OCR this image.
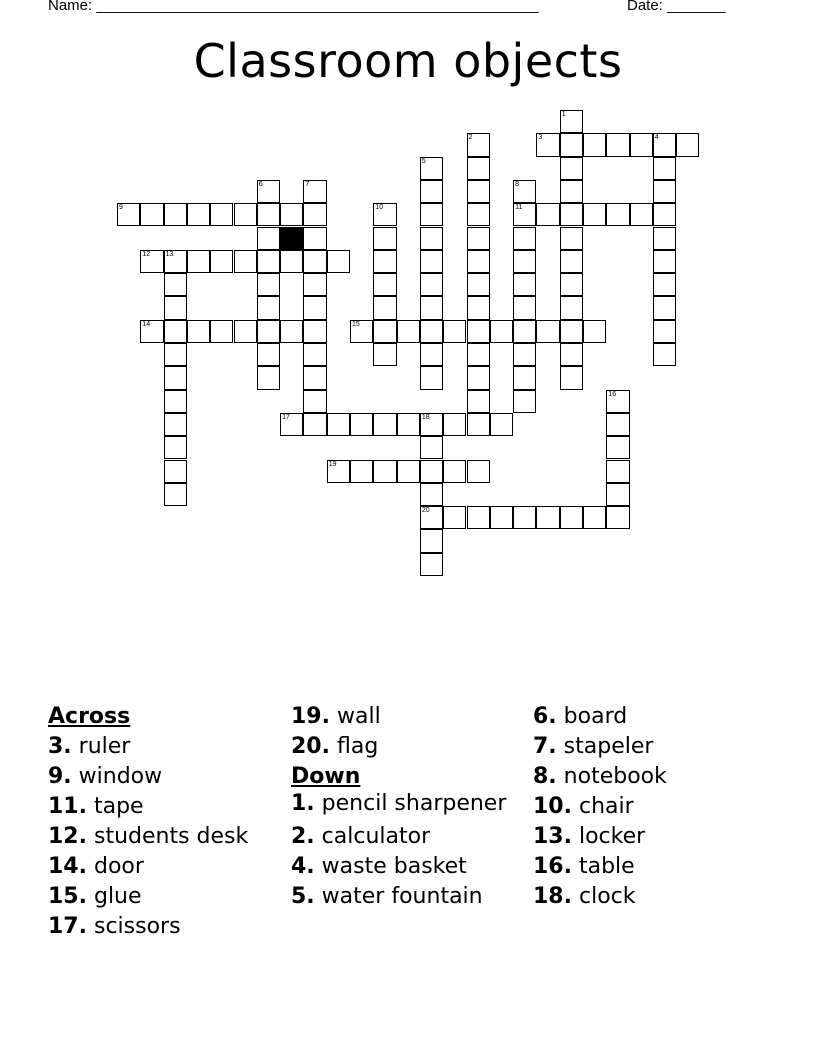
Name: _____________________________________________________	Date: _______
Classroom objects
1
2	3	4
5
6	7	8
11
9	10
12 13
14	15
16
17	18
20
19
Across
3. ruler
9. window
11. tape
12. students desk
14. door
15. glue
17. scissors
19. wall
20. flag
Down
1. pencil sharpener
2. calculator
4. waste basket
5. water fountain
6. board
7. stapeler
8. notebook
10. chair
13. locker
16. table
18. clock
